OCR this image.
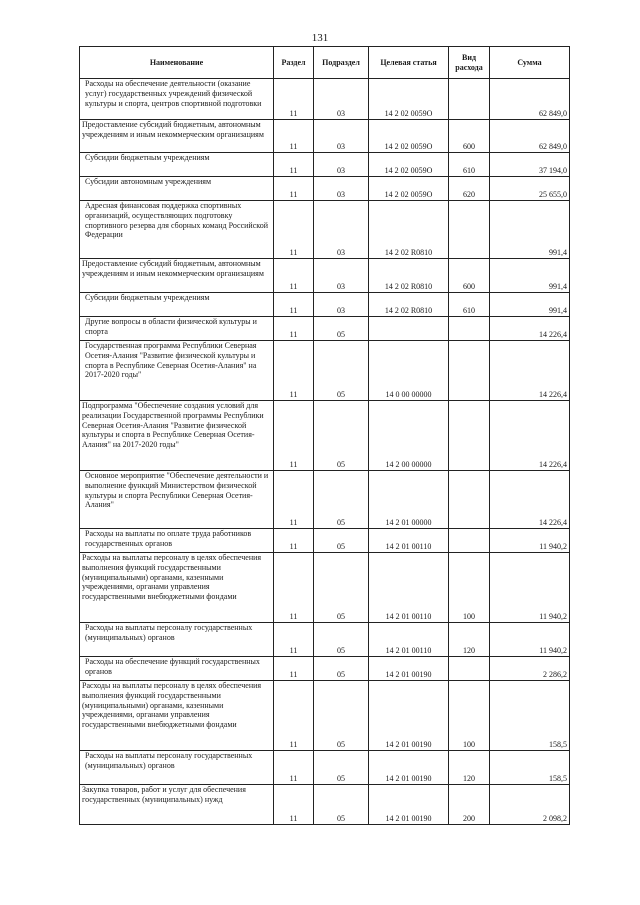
131
Наименование	Раздел	Подраздел	Целевая статья	Вид расхода	Сумма
Расходы на обеспечение деятельности (оказание услуг) государственных учреждений физической культуры и спорта, центров спортивной подготовки	11	03	14 2 02 0059О		62 849,0
Предоставление субсидий бюджетным, автономным учреждениям и иным некоммерческим организациям	11	03	14 2 02 0059О	600	62 849,0
Субсидии бюджетным учреждениям	11	03	14 2 02 0059О	610	37 194,0
Субсидии автономным учреждениям	11	03	14 2 02 0059О	620	25 655,0
Адресная финансовая поддержка спортивных организаций, осуществляющих подготовку спортивного резерва для сборных команд Российской Федерации	11	03	14 2 02 R0810		991,4
Предоставление субсидий бюджетным, автономным учреждениям и иным некоммерческим организациям	11	03	14 2 02 R0810	600	991,4
Субсидии бюджетным учреждениям	11	03	14 2 02 R0810	610	991,4
Другие вопросы в области физической культуры и спорта	11	05			14 226,4
Государственная программа Республики Северная Осетия-Алания "Развитие физической культуры и спорта в Республике Северная Осетия-Алания" на 2017-2020 годы"	11	05	14 0 00 00000		14 226,4
Подпрограмма "Обеспечение создания условий для реализации Государственной программы Республики Северная Осетия-Алания "Развитие физической культуры и спорта в Республике Северная Осетия-Алания" на 2017-2020 годы"	11	05	14 2 00 00000		14 226,4
Основное мероприятие "Обеспечение деятельности и выполнение функций Министерством физической культуры и спорта Республики Северная Осетия-Алания"	11	05	14 2 01 00000		14 226,4
Расходы на выплаты по оплате труда работников государственных органов	11	05	14 2 01 00110		11 940,2
Расходы на выплаты персоналу в целях обеспечения выполнения функций государственными (муниципальными) органами, казенными учреждениями, органами управления государственными внебюджетными фондами	11	05	14 2 01 00110	100	11 940,2
Расходы на выплаты персоналу государственных (муниципальных) органов	11	05	14 2 01 00110	120	11 940,2
Расходы на обеспечение функций государственных органов	11	05	14 2 01 00190		2 286,2
Расходы на выплаты персоналу в целях обеспечения выполнения функций государственными (муниципальными) органами, казенными учреждениями, органами управления государственными внебюджетными фондами	11	05	14 2 01 00190	100	158,5
Расходы на выплаты персоналу государственных (муниципальных) органов	11	05	14 2 01 00190	120	158,5
Закупка товаров, работ и услуг для обеспечения государственных (муниципальных) нужд	11	05	14 2 01 00190	200	2 098,2
